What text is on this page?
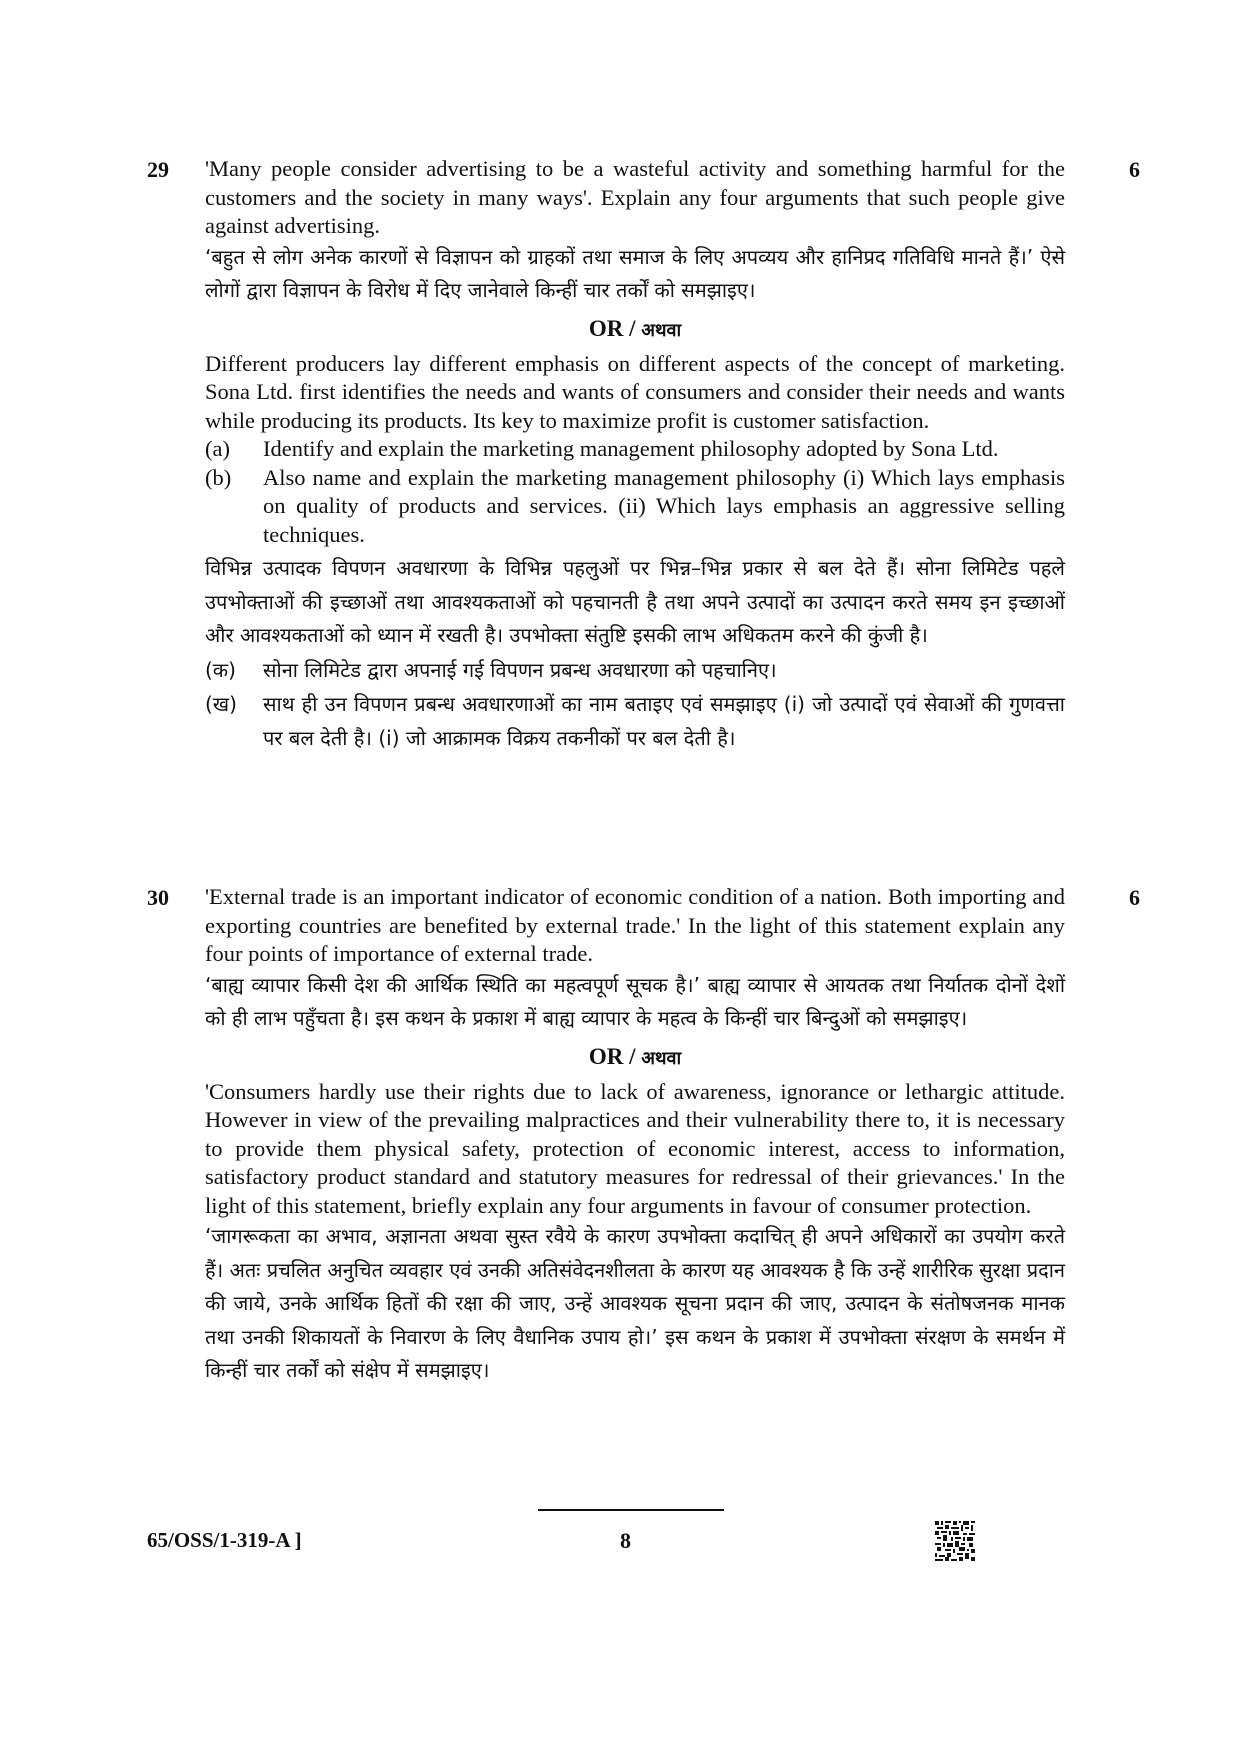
29	6

'Many people consider advertising to be a wasteful activity and something harmful for the customers and the society in many ways'. Explain any four arguments that such people give against advertising.

‘बहुत से लोग अनेक कारणों से विज्ञापन को ग्राहकों तथा समाज के लिए अपव्यय और हानिप्रद गतिविधि मानते हैं।’ ऐसे लोगों द्वारा विज्ञापन के विरोध में दिए जानेवाले किन्हीं चार तर्कों को समझाइए।

OR / अथवा

Different producers lay different emphasis on different aspects of the concept of marketing. Sona Ltd. first identifies the needs and wants of consumers and consider their needs and wants while producing its products. Its key to maximize profit is customer satisfaction.

(a)	Identify and explain the marketing management philosophy adopted by Sona Ltd.
(b)	Also name and explain the marketing management philosophy (i) Which lays emphasis on quality of products and services. (ii) Which lays emphasis an aggressive selling techniques.

विभिन्न उत्पादक विपणन अवधारणा के विभिन्न पहलुओं पर भिन्न–भिन्न प्रकार से बल देते हैं। सोना लिमिटेड पहले उपभोक्ताओं की इच्छाओं तथा आवश्यकताओं को पहचानती है तथा अपने उत्पादों का उत्पादन करते समय इन इच्छाओं और आवश्यकताओं को ध्यान में रखती है। उपभोक्ता संतुष्टि इसकी लाभ अधिकतम करने की कुंजी है।

(क)	सोना लिमिटेड द्वारा अपनाई गई विपणन प्रबन्ध अवधारणा को पहचानिए।
(ख)	साथ ही उन विपणन प्रबन्ध अवधारणाओं का नाम बताइए एवं समझाइए (i) जो उत्पादों एवं सेवाओं की गुणवत्ता पर बल देती है। (i) जो आक्रामक विक्रय तकनीकों पर बल देती है।
30	6

'External trade is an important indicator of economic condition of a nation. Both importing and exporting countries are benefited by external trade.' In the light of this statement explain any four points of importance of external trade.

‘बाह्य व्यापार किसी देश की आर्थिक स्थिति का महत्वपूर्ण सूचक है।’ बाह्य व्यापार से आयतक तथा निर्यातक दोनों देशों को ही लाभ पहुँचता है। इस कथन के प्रकाश में बाह्य व्यापार के महत्व के किन्हीं चार बिन्दुओं को समझाइए।

OR / अथवा

'Consumers hardly use their rights due to lack of awareness, ignorance or lethargic attitude. However in view of the prevailing malpractices and their vulnerability there to, it is necessary to provide them physical safety, protection of economic interest, access to information, satisfactory product standard and statutory measures for redressal of their grievances.' In the light of this statement, briefly explain any four arguments in favour of consumer protection.

‘जागरूकता का अभाव, अज्ञानता अथवा सुस्त रवैये के कारण उपभोक्ता कदाचित् ही अपने अधिकारों का उपयोग करते हैं। अतः प्रचलित अनुचित व्यवहार एवं उनकी अतिसंवेदनशीलता के कारण यह आवश्यक है कि उन्हें शारीरिक सुरक्षा प्रदान की जाये, उनके आर्थिक हितों की रक्षा की जाए, उन्हें आवश्यक सूचना प्रदान की जाए, उत्पादन के संतोषजनक मानक तथा उनकी शिकायतों के निवारण के लिए वैधानिक उपाय हो।’ इस कथन के प्रकाश में उपभोक्ता संरक्षण के समर्थन में किन्हीं चार तर्कों को संक्षेप में समझाइए।

65/OSS/1-319-A ]	8
